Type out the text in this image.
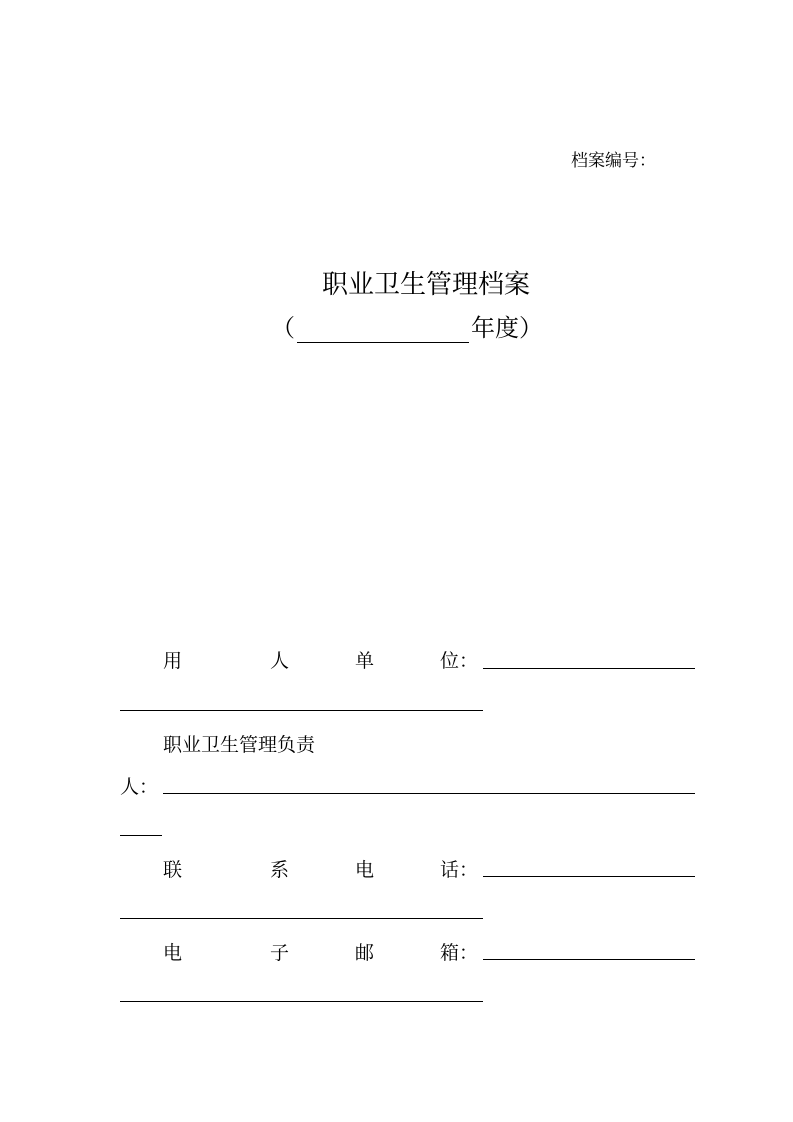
档案编号：
职业卫生管理档案
（	年度）
用	人	单	位：
职业卫生管理负责
人：
联	系	电	话：
电	子	邮	箱：
